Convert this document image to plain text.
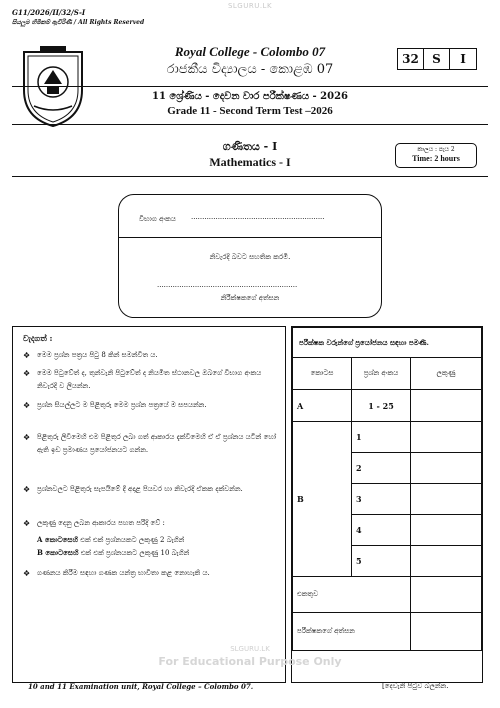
SLGURU.LK
G11/2026/II/32/S-I
සියලුම හිමිකම් ඇවිරිණි / All Rights Reserved
Royal College - Colombo 07
රාජකීය විද්‍යාලය - කොළඹ 07
32	S	I
11 ශ්‍රේණිය - දෙවන වාර පරීක්ෂණය - 2026
Grade 11 - Second Term Test –2026
ගණිතය - I
Mathematics - I
කාලය : පැය 2
Time: 2 hours
විභාග අංකය ............................................................
නිවැරදි බවට සහතික කරමි.
...............................................................
නිරීක්ෂකගේ අත්සන
වැදගත් :
❖ මෙම ප්‍රශ්න පත්‍රය පිටු 8 කින් සමන්විත ය.
❖ මෙම පිටුවේත් ද, තුන්වැනි පිටුවේත් ද නියමිත ස්ථානවල ඔබගේ විභාග අංකය නිවැරදි ව ලියන්න.
❖ ප්‍රශ්න සියල්ලට ම පිළිතුරු මෙම ප්‍රශ්න පත්‍රයේ ම සපයන්න.
❖ පිළිතුරු ලිවීමෙහි එම පිළිතුර ලබා ගත් ආකාරය දැක්වීමෙහි ඒ ඒ ප්‍රශ්නය යටින් හෝ ඇති ඉඩ ප්‍රමාණය ප්‍රයෝජනයට ගන්න.
❖ ප්‍රශ්නවලට පිළිතුරු සැපයීමේ දී අදාළ පියවර හා නිවැරදි ඒකක දක්වන්න.
❖ ලකුණු දෙනු ලබන ආකාරය පහත පරිදි වේ :
A කොටසෙහි එක් එක් ප්‍රශ්නයකට ලකුණු 2 බැගින්
B කොටසෙහි එක් එක් ප්‍රශ්නයකට ලකුණු 10 බැගින්
❖ ගණනය කිරීම සඳහා ගණක යන්ත්‍ර භාවිතා කළ නොහැකි ය.
පරීක්ෂක වරුන්ගේ ප්‍රයෝජනය සඳහා පමණි.		
කොටස	ප්‍රශ්න අංකය	ලකුණු
A	1 - 25	
B	1	
	2	
	3	
	4	
	5	
එකතුව		
පරීක්ෂකගේ අත්සන		
SLGURU.LK
For Educational Purpose Only
10 and 11 Examination unit, Royal College – Colombo 07.	[දෙවැනි පිටුව බලන්න.
